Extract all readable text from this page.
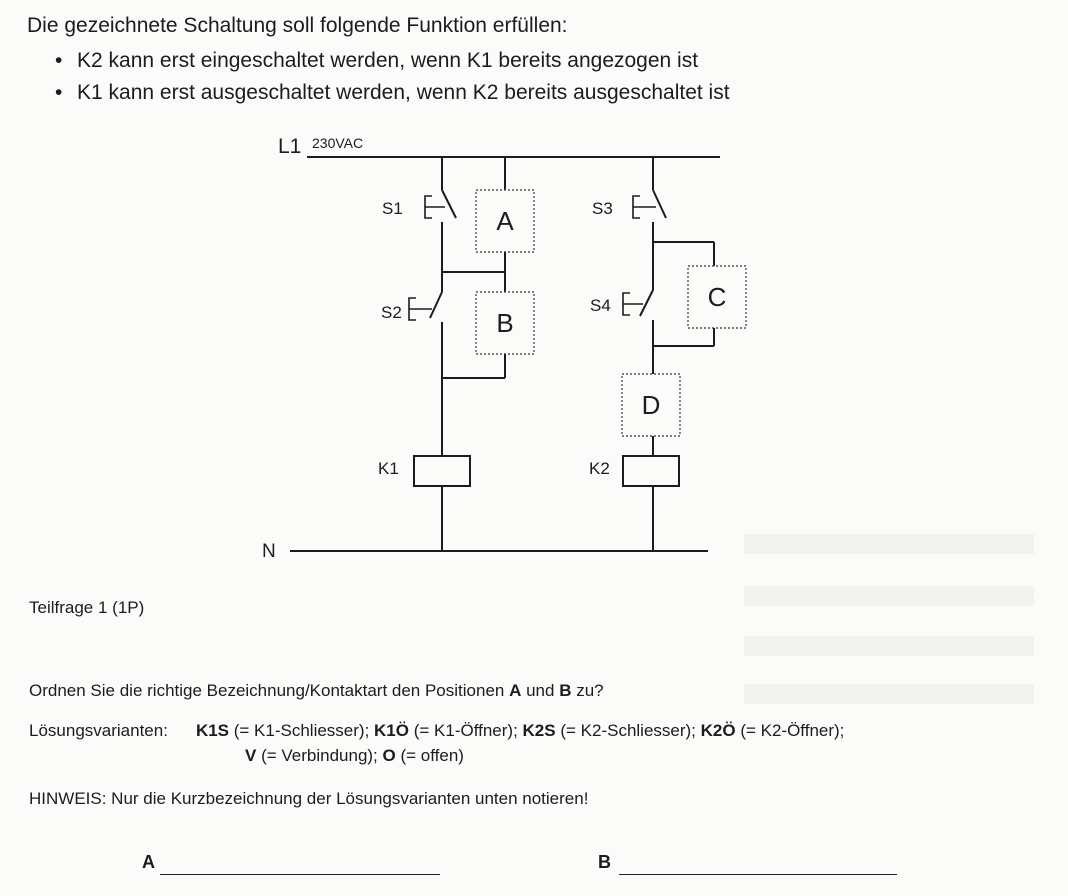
Die gezeichnete Schaltung soll folgende Funktion erfüllen:
• K2 kann erst eingeschaltet werden, wenn K1 bereits angezogen ist
• K1 kann erst ausgeschaltet werden, wenn K2 bereits ausgeschaltet ist
L1 230VAC
N
S1
S2
S3
S4
K1	K2
A
B
C
D
Teilfrage 1 (1P)
Ordnen Sie die richtige Bezeichnung/Kontaktart den Positionen A und B zu?
Lösungsvarianten: K1S (= K1-Schliesser); K1Ö (= K1-Öffner); K2S (= K2-Schliesser); K2Ö (= K2-Öffner);
V (= Verbindung); O (= offen)
HINWEIS: Nur die Kurzbezeichnung der Lösungsvarianten unten notieren!
A	B
